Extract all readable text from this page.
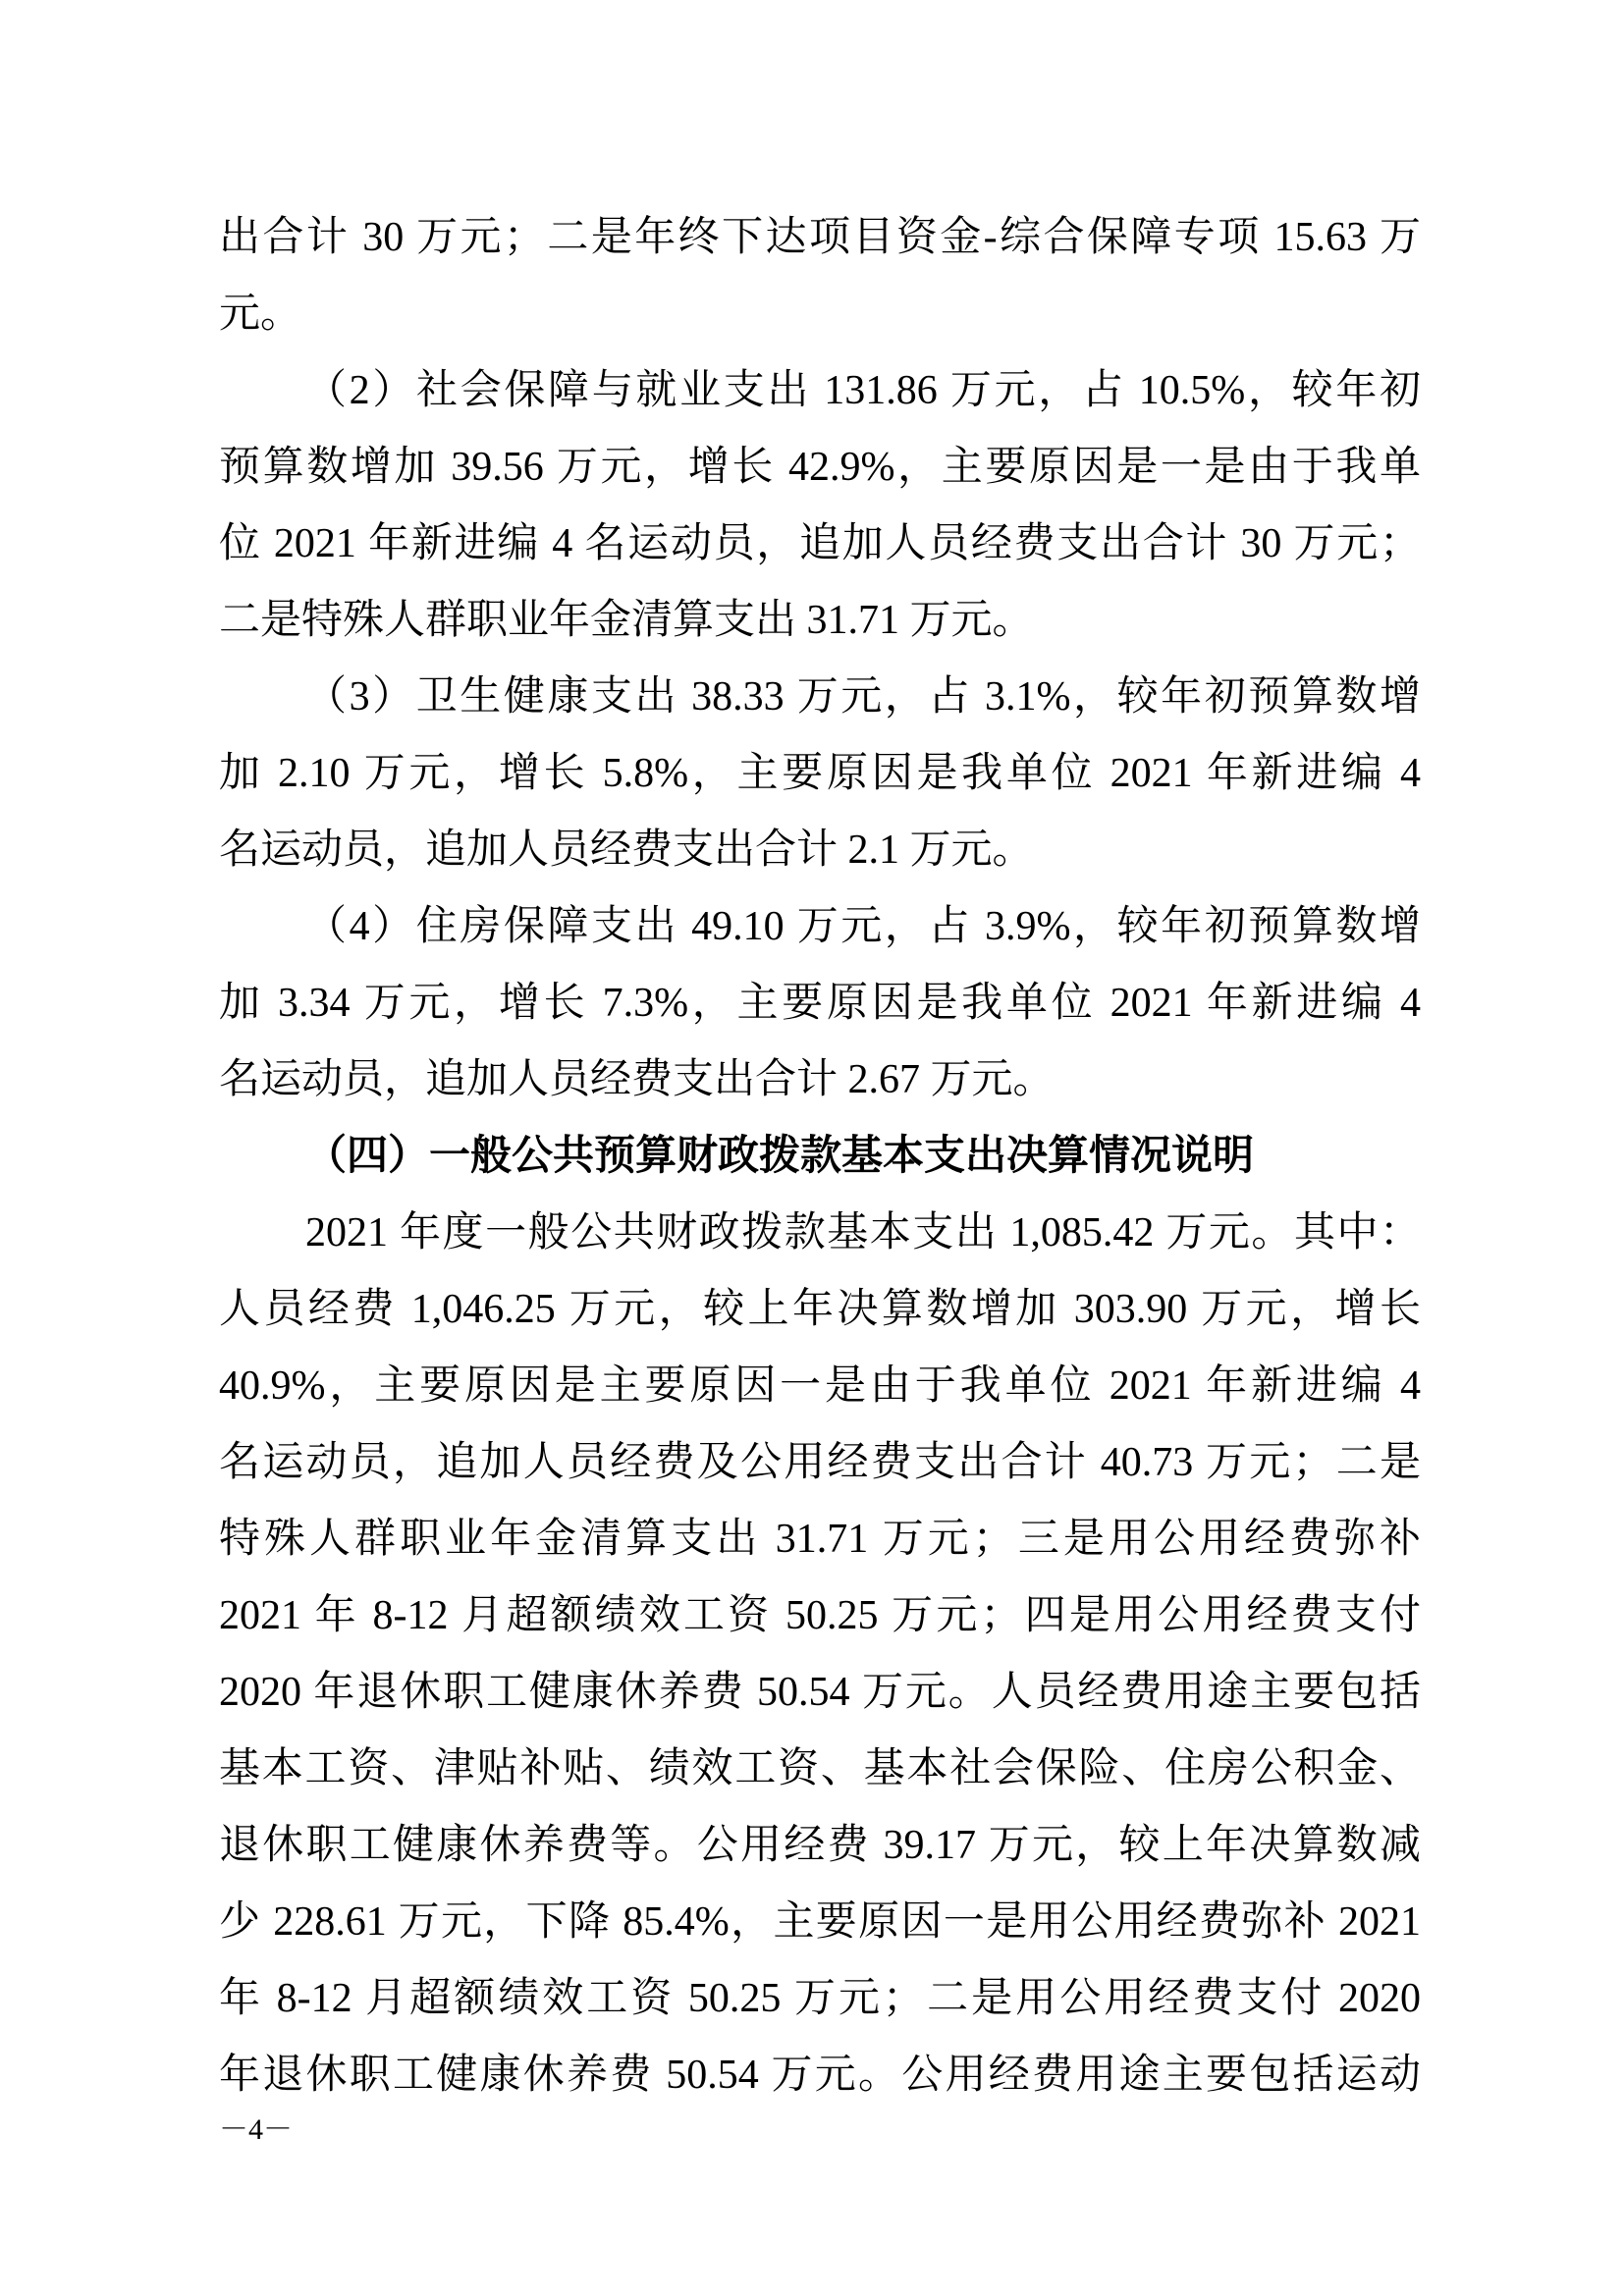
出合计 30 万元；二是年终下达项目资金-综合保障专项 15.63 万
元。
（2）社会保障与就业支出 131.86 万元，占 10.5%，较年初
预算数增加 39.56 万元，增长 42.9%，主要原因是一是由于我单
位 2021 年新进编 4 名运动员，追加人员经费支出合计 30 万元；
二是特殊人群职业年金清算支出 31.71 万元。
（3）卫生健康支出 38.33 万元，占 3.1%，较年初预算数增
加 2.10 万元，增长 5.8%，主要原因是我单位 2021 年新进编 4
名运动员，追加人员经费支出合计 2.1 万元。
（4）住房保障支出 49.10 万元，占 3.9%，较年初预算数增
加 3.34 万元，增长 7.3%，主要原因是我单位 2021 年新进编 4
名运动员，追加人员经费支出合计 2.67 万元。
（四）一般公共预算财政拨款基本支出决算情况说明
2021 年度一般公共财政拨款基本支出 1,085.42 万元。其中：
人员经费 1,046.25 万元，较上年决算数增加 303.90 万元，增长
40.9%，主要原因是主要原因一是由于我单位 2021 年新进编 4
名运动员，追加人员经费及公用经费支出合计 40.73 万元；二是
特殊人群职业年金清算支出 31.71 万元；三是用公用经费弥补
2021 年 8-12 月超额绩效工资 50.25 万元；四是用公用经费支付
2020 年退休职工健康休养费 50.54 万元。人员经费用途主要包括
基本工资、津贴补贴、绩效工资、基本社会保险、住房公积金、
退休职工健康休养费等。公用经费 39.17 万元，较上年决算数减
少 228.61 万元，下降 85.4%，主要原因一是用公用经费弥补 2021
年 8-12 月超额绩效工资 50.25 万元；二是用公用经费支付 2020
年退休职工健康休养费 50.54 万元。公用经费用途主要包括运动
－4－
